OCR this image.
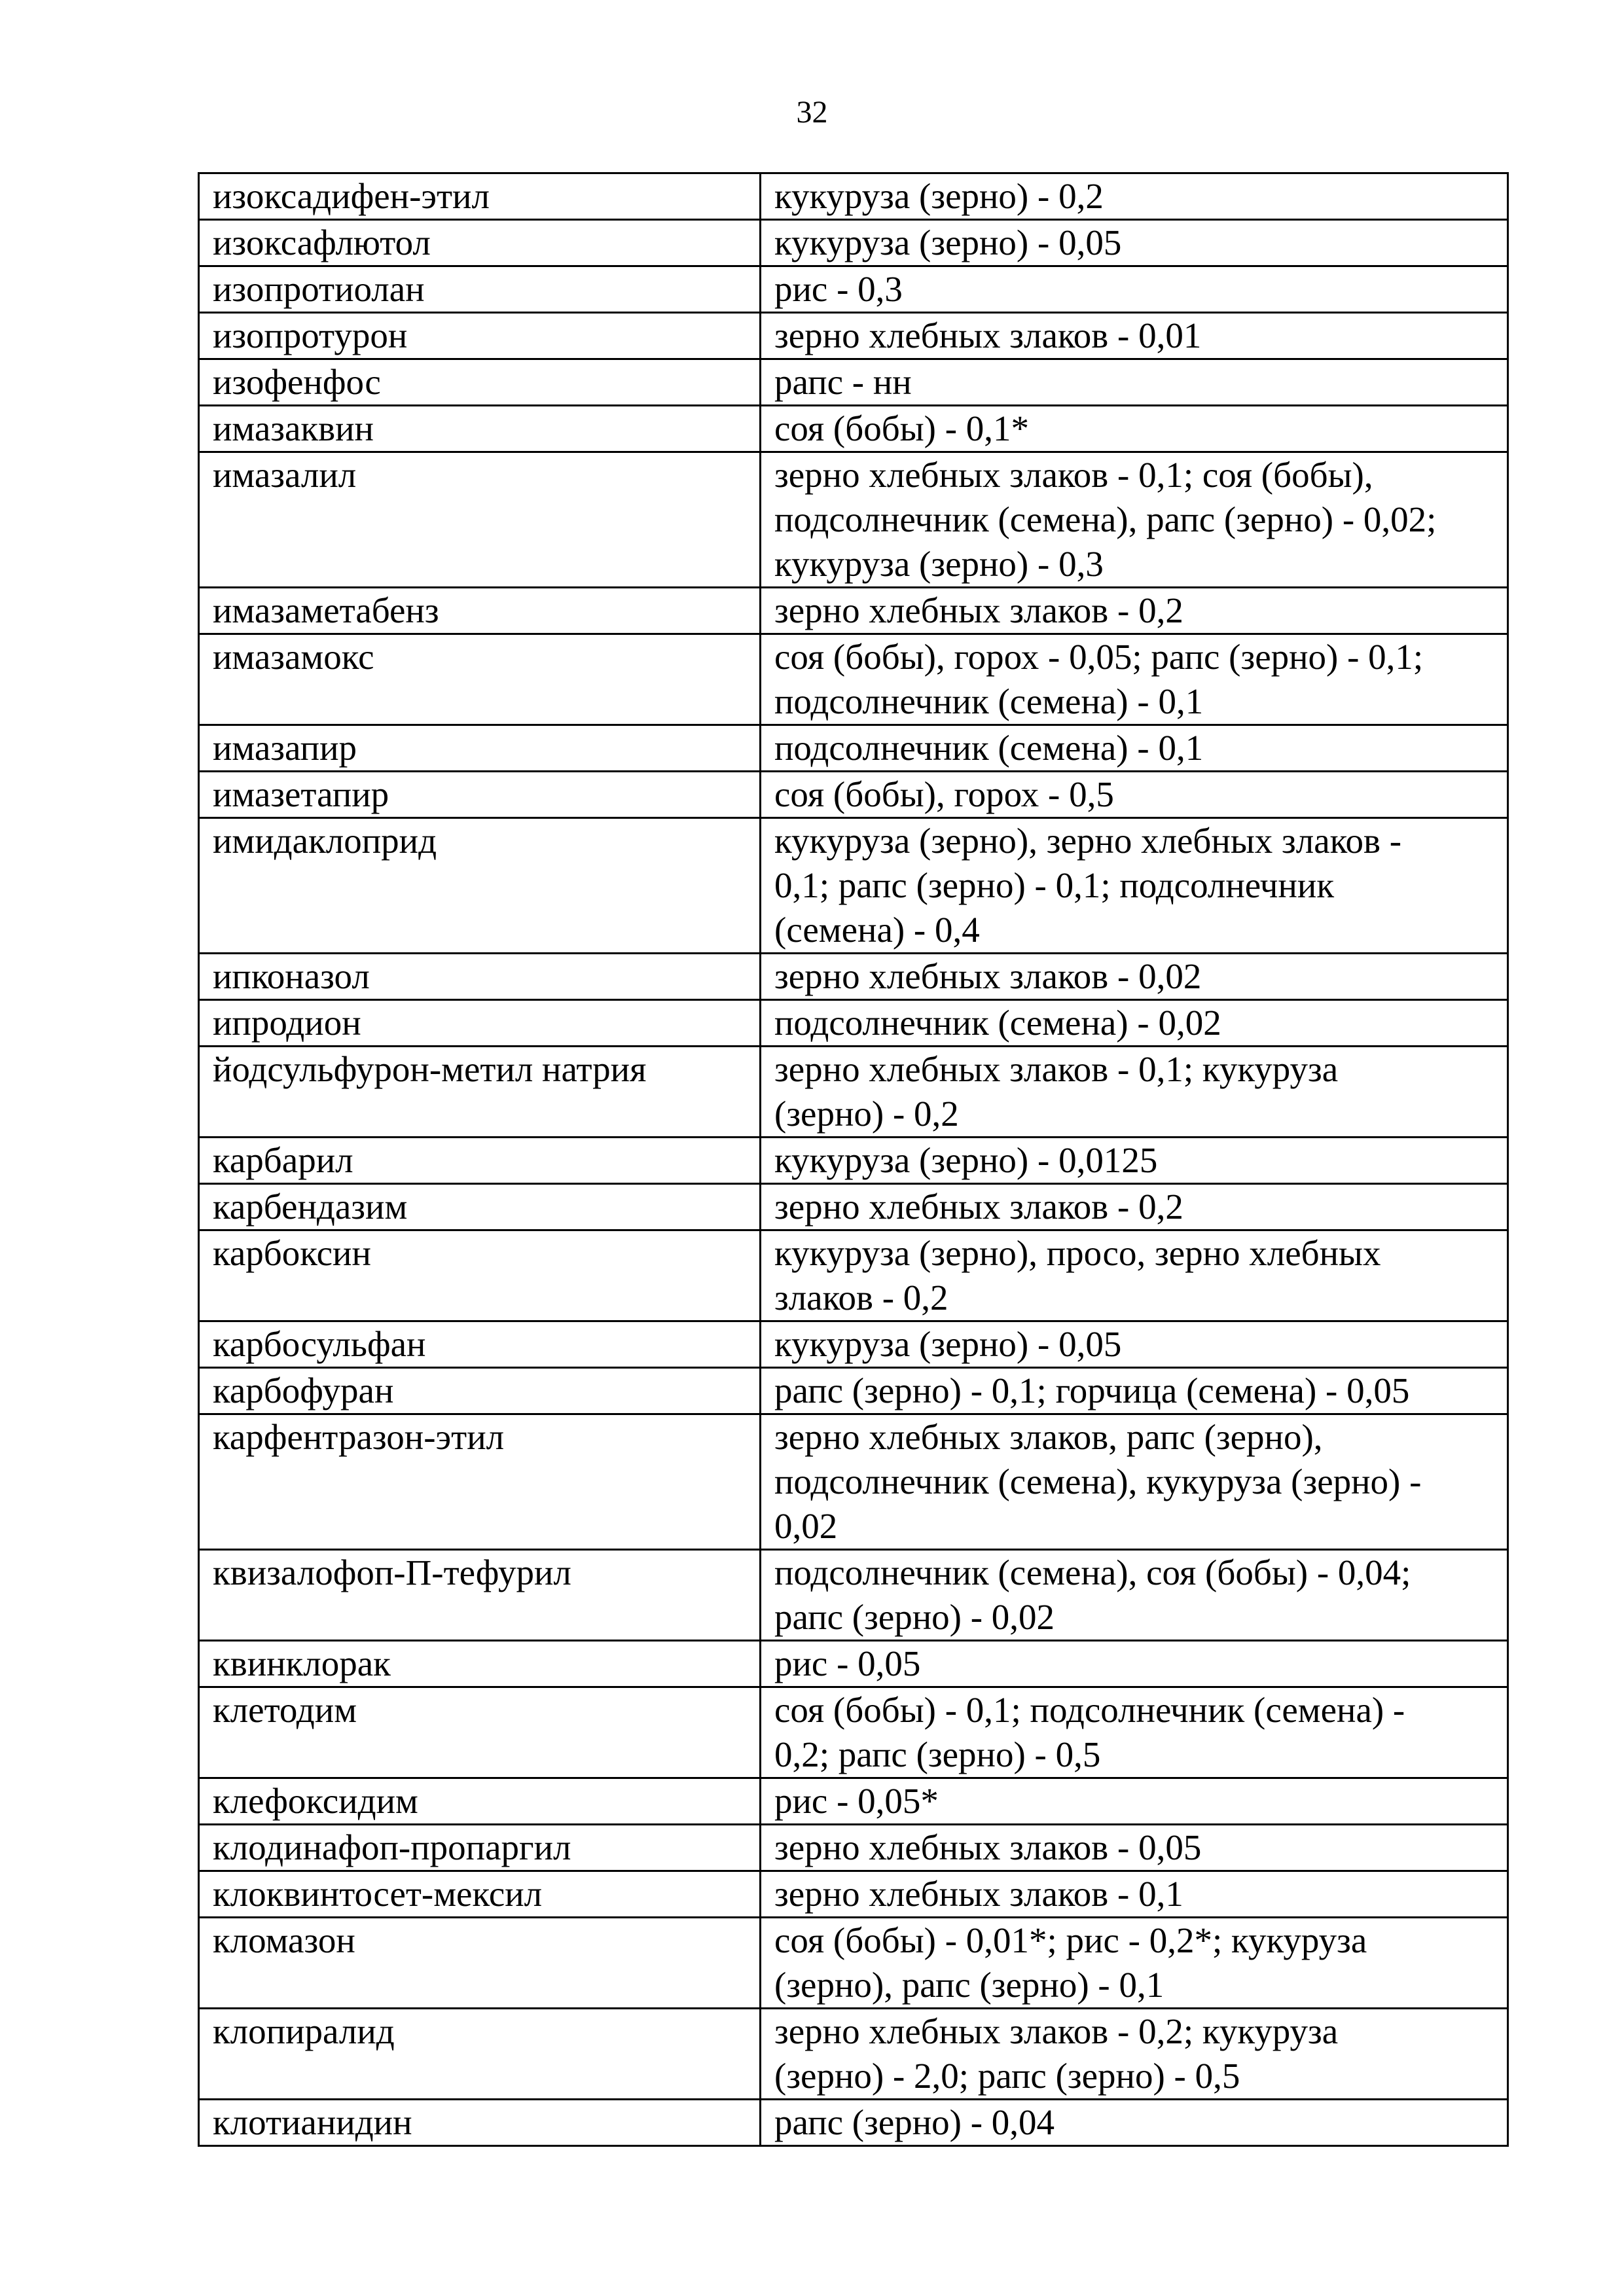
32
изоксадифен-этил	кукуруза (зерно) - 0,2
изоксафлютол	кукуруза (зерно) - 0,05
изопротиолан	рис - 0,3
изопротурон	зерно хлебных злаков - 0,01
изофенфос	рапс - нн
имазаквин	соя (бобы) - 0,1*
имазалил	зерно хлебных злаков - 0,1; соя (бобы),
подсолнечник (семена), рапс (зерно) - 0,02;
кукуруза (зерно) - 0,3
имазаметабенз	зерно хлебных злаков - 0,2
имазамокс	соя (бобы), горох - 0,05; рапс (зерно) - 0,1;
подсолнечник (семена) - 0,1
имазапир	подсолнечник (семена) - 0,1
имазетапир	соя (бобы), горох - 0,5
имидаклоприд	кукуруза (зерно), зерно хлебных злаков -
0,1; рапс (зерно) - 0,1; подсолнечник
(семена) - 0,4
ипконазол	зерно хлебных злаков - 0,02
ипродион	подсолнечник (семена) - 0,02
йодсульфурон-метил натрия	зерно хлебных злаков - 0,1; кукуруза
(зерно) - 0,2
карбарил	кукуруза (зерно) - 0,0125
карбендазим	зерно хлебных злаков - 0,2
карбоксин	кукуруза (зерно), просо, зерно хлебных
злаков - 0,2
карбосульфан	кукуруза (зерно) - 0,05
карбофуран	рапс (зерно) - 0,1; горчица (семена) - 0,05
карфентразон-этил	зерно хлебных злаков, рапс (зерно),
подсолнечник (семена), кукуруза (зерно) -
0,02
квизалофоп-П-тефурил	подсолнечник (семена), соя (бобы) - 0,04;
рапс (зерно) - 0,02
квинклорак	рис - 0,05
клетодим	соя (бобы) - 0,1; подсолнечник (семена) -
0,2; рапс (зерно) - 0,5
клефоксидим	рис - 0,05*
клодинафоп-пропаргил	зерно хлебных злаков - 0,05
клоквинтосет-мексил	зерно хлебных злаков - 0,1
кломазон	соя (бобы) - 0,01*; рис - 0,2*; кукуруза
(зерно), рапс (зерно) - 0,1
клопиралид	зерно хлебных злаков - 0,2; кукуруза
(зерно) - 2,0; рапс (зерно) - 0,5
клотианидин	рапс (зерно) - 0,04
